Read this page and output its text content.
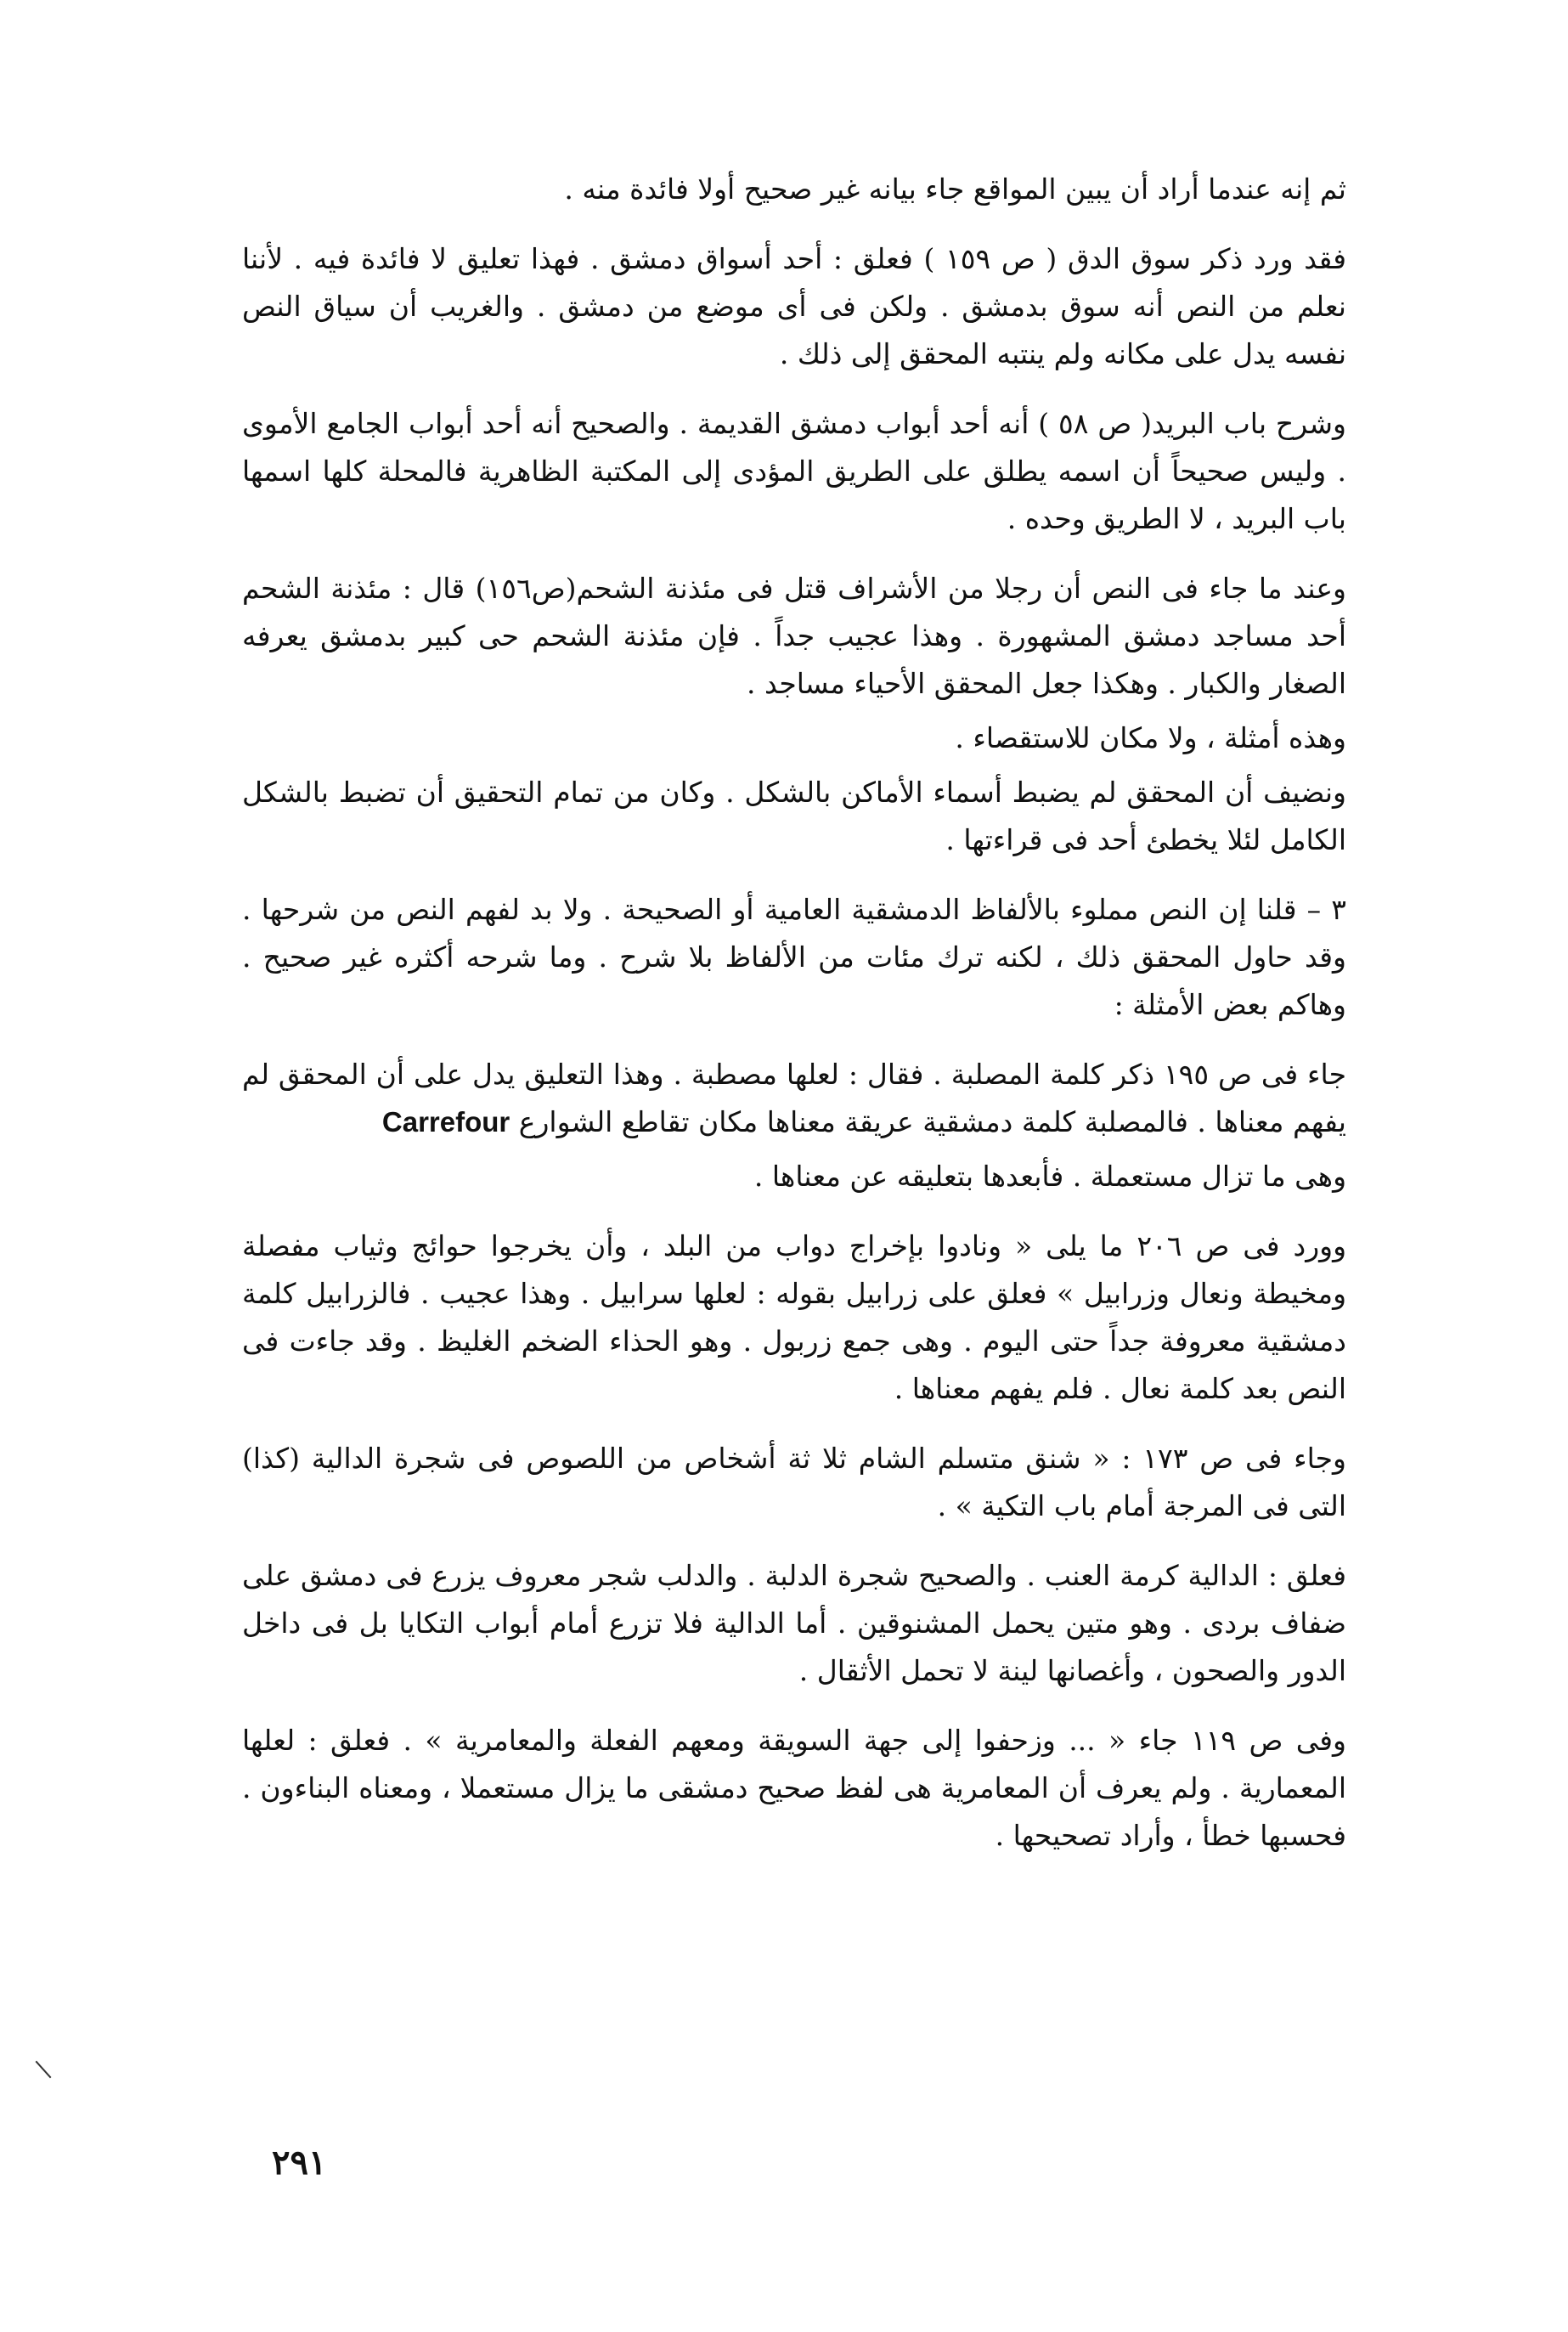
ثم إنه عندما أراد أن يبين المواقع جاء بيانه غير صحيح أولا فائدة منه .

فقد ورد ذكر سوق الدق ( ص ١٥٩ ) فعلق : أحد أسواق دمشق . فهذا تعليق لا فائدة فيه . لأننا نعلم من النص أنه سوق بدمشق . ولكن فى أى موضع من دمشق . والغريب أن سياق النص نفسه يدل على مكانه ولم ينتبه المحقق إلى ذلك .

وشرح باب البريد( ص ٥٨ ) أنه أحد أبواب دمشق القديمة . والصحيح أنه أحد أبواب الجامع الأموى . وليس صحيحاً أن اسمه يطلق على الطريق المؤدى إلى المكتبة الظاهرية فالمحلة كلها اسمها باب البريد ، لا الطريق وحده .

وعند ما جاء فى النص أن رجلا من الأشراف قتل فى مئذنة الشحم(ص١٥٦) قال : مئذنة الشحم أحد مساجد دمشق المشهورة . وهذا عجيب جداً . فإن مئذنة الشحم حى كبير بدمشق يعرفه الصغار والكبار . وهكذا جعل المحقق الأحياء مساجد .

وهذه أمثلة ، ولا مكان للاستقصاء .

ونضيف أن المحقق لم يضبط أسماء الأماكن بالشكل . وكان من تمام التحقيق أن تضبط بالشكل الكامل لئلا يخطئ أحد فى قراءتها .

٣ – قلنا إن النص مملوء بالألفاظ الدمشقية العامية أو الصحيحة . ولا بد لفهم النص من شرحها . وقد حاول المحقق ذلك ، لكنه ترك مئات من الألفاظ بلا شرح . وما شرحه أكثره غير صحيح . وهاكم بعض الأمثلة :

جاء فى ص ١٩٥ ذكر كلمة المصلبة . فقال : لعلها مصطبة . وهذا التعليق يدل على أن المحقق لم يفهم معناها . فالمصلبة كلمة دمشقية عريقة معناها مكان تقاطع الشوارع Carrefour

وهى ما تزال مستعملة . فأبعدها بتعليقه عن معناها .

وورد فى ص ٢٠٦ ما يلى « ونادوا بإخراج دواب من البلد ، وأن يخرجوا حوائج وثياب مفصلة ومخيطة ونعال وزرابيل » فعلق على زرابيل بقوله : لعلها سرابيل . وهذا عجيب . فالزرابيل كلمة دمشقية معروفة جداً حتى اليوم . وهى جمع زربول . وهو الحذاء الضخم الغليظ . وقد جاءت فى النص بعد كلمة نعال . فلم يفهم معناها .

وجاء فى ص ١٧٣ : « شنق متسلم الشام ثلا ثة أشخاص من اللصوص فى شجرة الدالية (كذا) التى فى المرجة أمام باب التكية » .

فعلق : الدالية كرمة العنب . والصحيح شجرة الدلبة . والدلب شجر معروف يزرع فى دمشق على ضفاف بردى . وهو متين يحمل المشنوقين . أما الدالية فلا تزرع أمام أبواب التكايا بل فى داخل الدور والصحون ، وأغصانها لينة لا تحمل الأثقال .

وفى ص ١١٩ جاء « ... وزحفوا إلى جهة السويقة ومعهم الفعلة والمعامرية » . فعلق : لعلها المعمارية . ولم يعرف أن المعامرية هى لفظ صحيح دمشقى ما يزال مستعملا ، ومعناه البناءون . فحسبها خطأ ، وأراد تصحيحها .

٢٩١
